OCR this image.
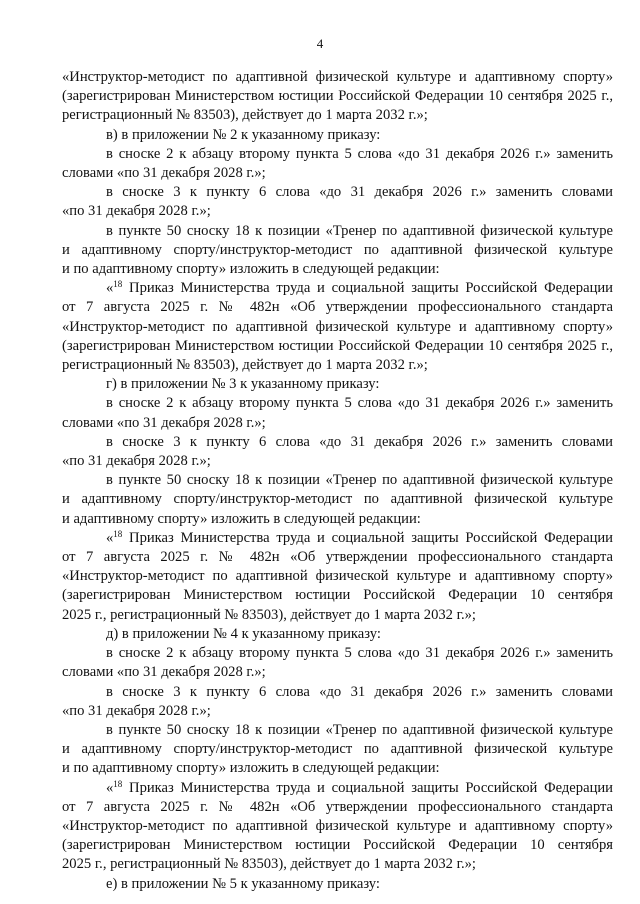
4
«Инструктор-методист по адаптивной физической культуре и адаптивному спорту»
(зарегистрирован Министерством юстиции Российской Федерации 10 сентября 2025 г.,
регистрационный № 83503), действует до 1 марта 2032 г.»;
в) в приложении № 2 к указанному приказу:
в сноске 2 к абзацу второму пункта 5 слова «до 31 декабря 2026 г.» заменить
словами «по 31 декабря 2028 г.»;
в сноске 3 к пункту 6 слова «до 31 декабря 2026 г.» заменить словами
«по 31 декабря 2028 г.»;
в пункте 50 сноску 18 к позиции «Тренер по адаптивной физической культуре
и адаптивному спорту/инструктор-методист по адаптивной физической культуре
и по адаптивному спорту» изложить в следующей редакции:
«$^{18}$ Приказ Министерства труда и социальной защиты Российской Федерации
от 7 августа 2025 г. № 482н «Об утверждении профессионального стандарта
«Инструктор-методист по адаптивной физической культуре и адаптивному спорту»
(зарегистрирован Министерством юстиции Российской Федерации 10 сентября 2025 г.,
регистрационный № 83503), действует до 1 марта 2032 г.»;
г) в приложении № 3 к указанному приказу:
в сноске 2 к абзацу второму пункта 5 слова «до 31 декабря 2026 г.» заменить
словами «по 31 декабря 2028 г.»;
в сноске 3 к пункту 6 слова «до 31 декабря 2026 г.» заменить словами
«по 31 декабря 2028 г.»;
в пункте 50 сноску 18 к позиции «Тренер по адаптивной физической культуре
и адаптивному спорту/инструктор-методист по адаптивной физической культуре
и адаптивному спорту» изложить в следующей редакции:
«$^{18}$ Приказ Министерства труда и социальной защиты Российской Федерации
от 7 августа 2025 г. № 482н «Об утверждении профессионального стандарта
«Инструктор-методист по адаптивной физической культуре и адаптивному спорту»
(зарегистрирован Министерством юстиции Российской Федерации 10 сентября
2025 г., регистрационный № 83503), действует до 1 марта 2032 г.»;
д) в приложении № 4 к указанному приказу:
в сноске 2 к абзацу второму пункта 5 слова «до 31 декабря 2026 г.» заменить
словами «по 31 декабря 2028 г.»;
в сноске 3 к пункту 6 слова «до 31 декабря 2026 г.» заменить словами
«по 31 декабря 2028 г.»;
в пункте 50 сноску 18 к позиции «Тренер по адаптивной физической культуре
и адаптивному спорту/инструктор-методист по адаптивной физической культуре
и по адаптивному спорту» изложить в следующей редакции:
«$^{18}$ Приказ Министерства труда и социальной защиты Российской Федерации
от 7 августа 2025 г. № 482н «Об утверждении профессионального стандарта
«Инструктор-методист по адаптивной физической культуре и адаптивному спорту»
(зарегистрирован Министерством юстиции Российской Федерации 10 сентября
2025 г., регистрационный № 83503), действует до 1 марта 2032 г.»;
е) в приложении № 5 к указанному приказу:
